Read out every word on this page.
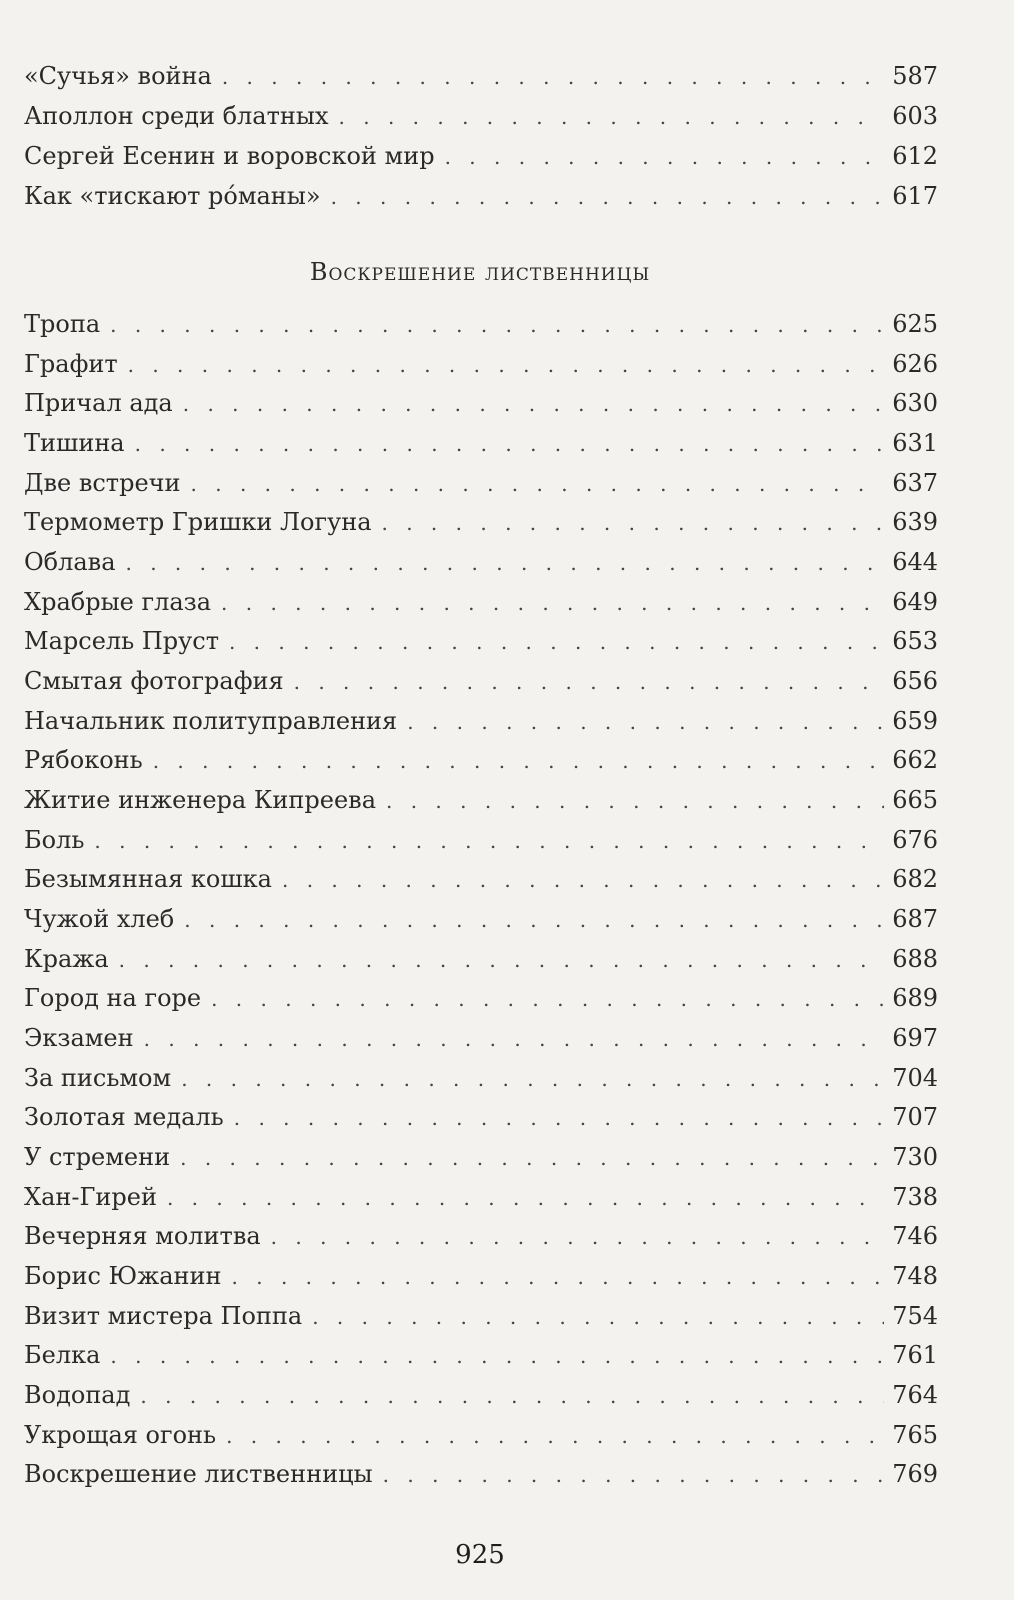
«Сучья» война . . .	587
Аполлон среди блатных . . .	603
Сергей Есенин и воровской мир . . .	612
Как «тискают рóманы» . . .	617
Воскрешение лиственницы
Тропа . . .	625
Графит . . .	626
Причал ада . . .	630
Тишина . . .	631
Две встречи . . .	637
Термометр Гришки Логуна . . .	639
Облава . . .	644
Храбрые глаза . . .	649
Марсель Пруст . . .	653
Смытая фотография . . .	656
Начальник политуправления . . .	659
Рябоконь . . .	662
Житие инженера Кипреева . . .	665
Боль . . .	676
Безымянная кошка . . .	682
Чужой хлеб . . .	687
Кража . . .	688
Город на горе . . .	689
Экзамен . . .	697
За письмом . . .	704
Золотая медаль . . .	707
У стремени . . .	730
Хан-Гирей . . .	738
Вечерняя молитва . . .	746
Борис Южанин . . .	748
Визит мистера Поппа . . .	754
Белка . . .	761
Водопад . . .	764
Укрощая огонь . . .	765
Воскрешение лиственницы . . .	769
925
